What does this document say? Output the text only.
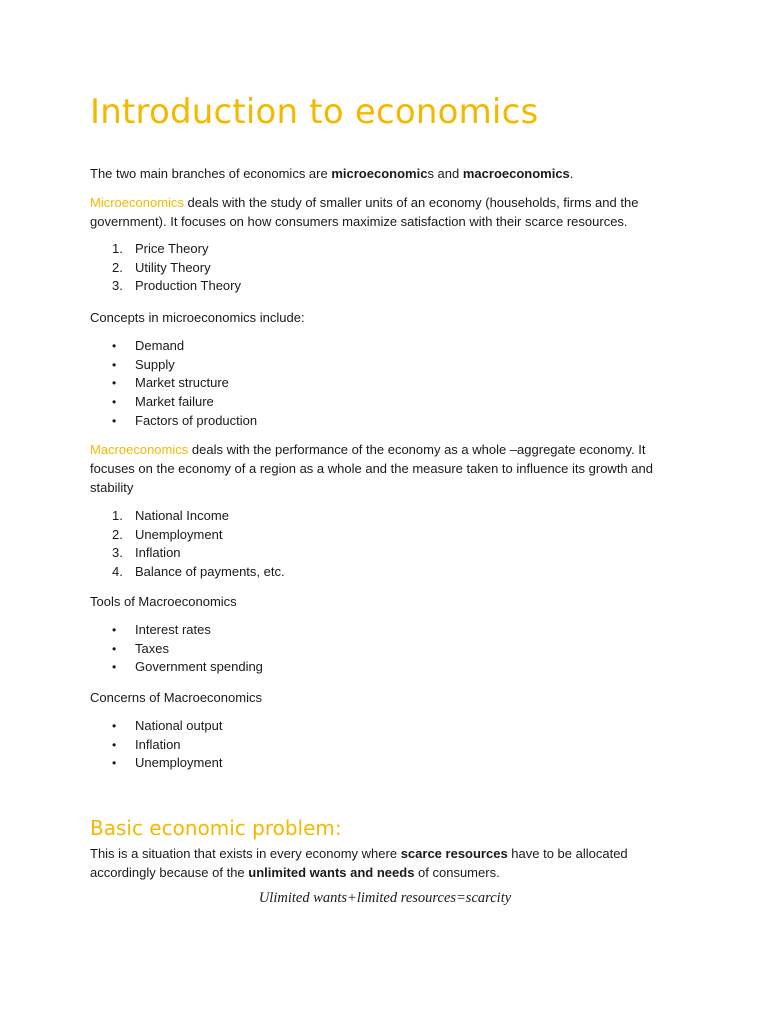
Introduction to economics

The two main branches of economics are microeconomics and macroeconomics.

Microeconomics deals with the study of smaller units of an economy (households, firms and the government). It focuses on how consumers maximize satisfaction with their scarce resources.

1. Price Theory
2. Utility Theory
3. Production Theory

Concepts in microeconomics include:

• Demand
• Supply
• Market structure
• Market failure
• Factors of production

Macroeconomics deals with the performance of the economy as a whole –aggregate economy. It focuses on the economy of a region as a whole and the measure taken to influence its growth and stability

1. National Income
2. Unemployment
3. Inflation
4. Balance of payments, etc.

Tools of Macroeconomics

• Interest rates
• Taxes
• Government spending

Concerns of Macroeconomics

• National output
• Inflation
• Unemployment
Basic economic problem:

This is a situation that exists in every economy where scarce resources have to be allocated accordingly because of the unlimited wants and needs of consumers.

Ulimited wants+limited resources=scarcity
